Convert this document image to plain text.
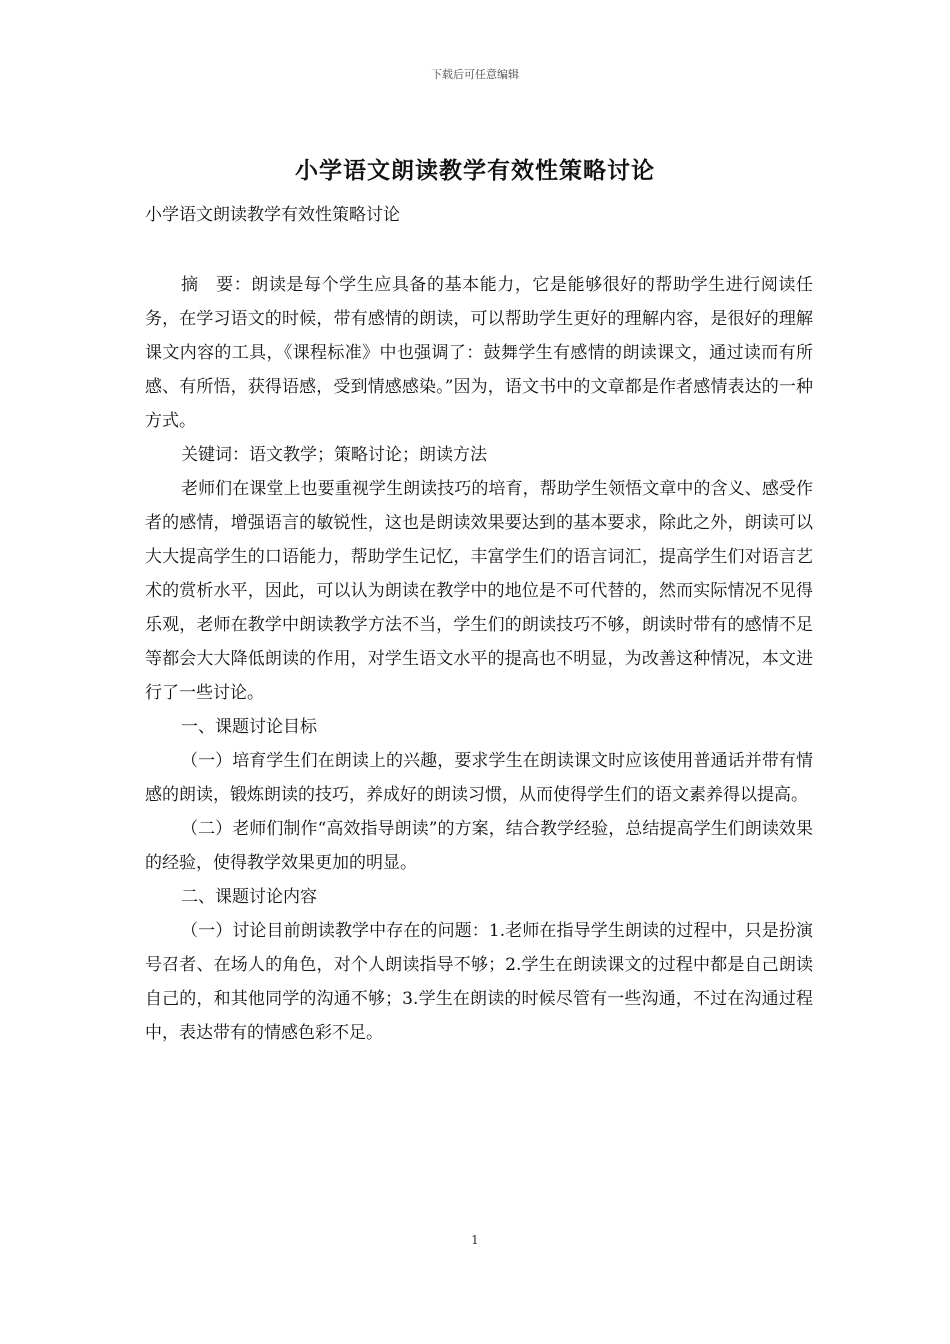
下载后可任意编辑
小学语文朗读教学有效性策略讨论
小学语文朗读教学有效性策略讨论

摘　要：朗读是每个学生应具备的基本能力，它是能够很好的帮助学生进行阅读任务，在学习语文的时候，带有感情的朗读，可以帮助学生更好的理解内容，是很好的理解课文内容的工具，《课程标准》中也强调了：鼓舞学生有感情的朗读课文，通过读而有所感、有所悟，获得语感，受到情感感染。”因为，语文书中的文章都是作者感情表达的一种方式。

关键词：语文教学；策略讨论；朗读方法

老师们在课堂上也要重视学生朗读技巧的培育，帮助学生领悟文章中的含义、感受作者的感情，增强语言的敏锐性，这也是朗读效果要达到的基本要求，除此之外，朗读可以大大提高学生的口语能力，帮助学生记忆，丰富学生们的语言词汇，提高学生们对语言艺术的赏析水平，因此，可以认为朗读在教学中的地位是不可代替的，然而实际情况不见得乐观，老师在教学中朗读教学方法不当，学生们的朗读技巧不够，朗读时带有的感情不足等都会大大降低朗读的作用，对学生语文水平的提高也不明显，为改善这种情况，本文进行了一些讨论。

一、课题讨论目标

（一）培育学生们在朗读上的兴趣，要求学生在朗读课文时应该使用普通话并带有情感的朗读，锻炼朗读的技巧，养成好的朗读习惯，从而使得学生们的语文素养得以提高。

（二）老师们制作“高效指导朗读”的方案，结合教学经验，总结提高学生们朗读效果的经验，使得教学效果更加的明显。

二、课题讨论内容

（一）讨论目前朗读教学中存在的问题：1.老师在指导学生朗读的过程中，只是扮演号召者、在场人的角色，对个人朗读指导不够；2.学生在朗读课文的过程中都是自己朗读自己的，和其他同学的沟通不够；3.学生在朗读的时候尽管有一些沟通，不过在沟通过程中，表达带有的情感色彩不足。

1
